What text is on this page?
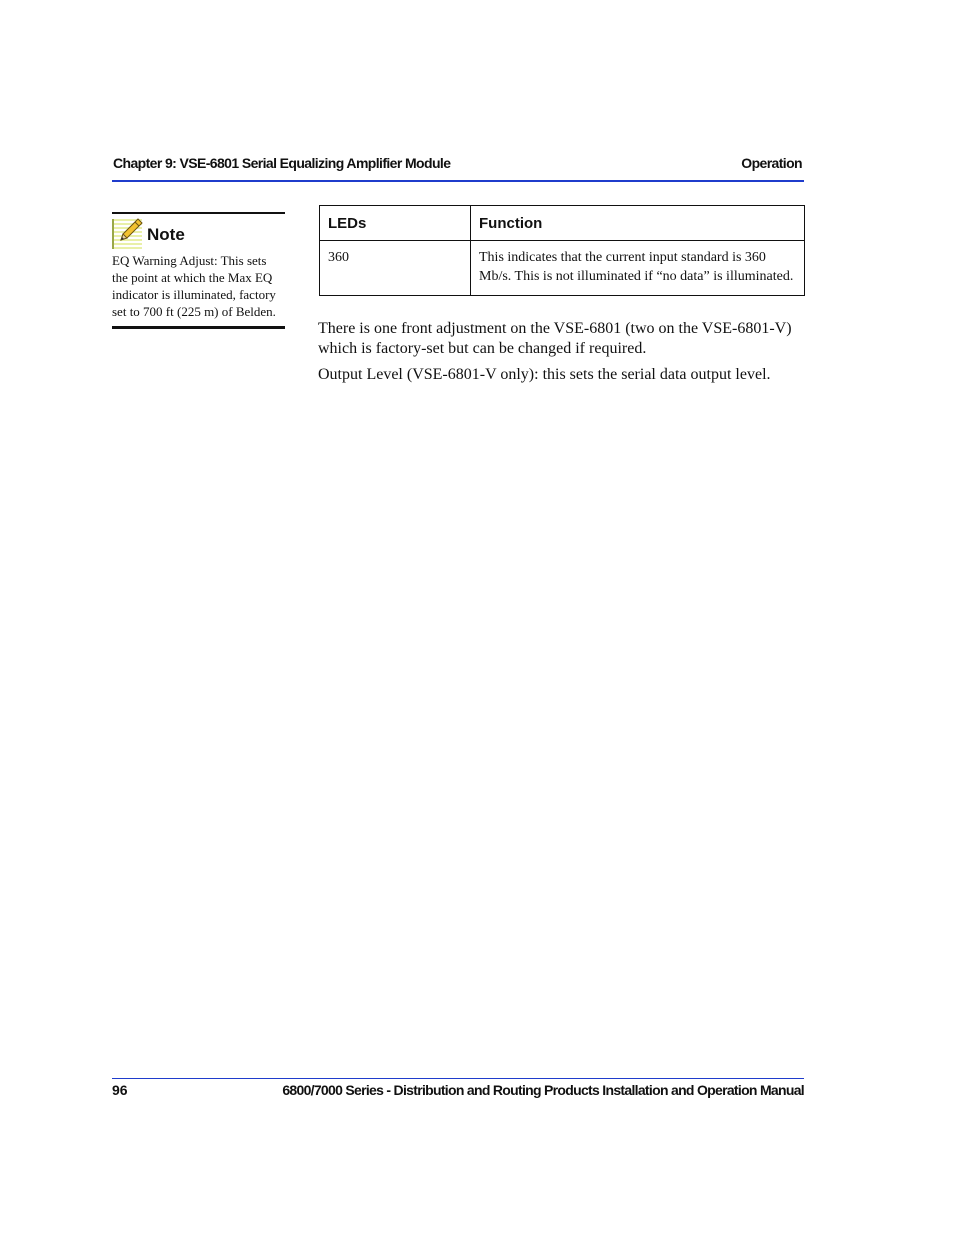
Chapter 9: VSE-6801 Serial Equalizing Amplifier Module	Operation
Note
EQ Warning Adjust: This sets the point at which the Max EQ indicator is illuminated, factory set to 700 ft (225 m) of Belden.
LEDs	Function
360	This indicates that the current input standard is 360 Mb/s. This is not illuminated if “no data” is illuminated.

There is one front adjustment on the VSE-6801 (two on the VSE-6801-V) which is factory-set but can be changed if required.

Output Level (VSE-6801-V only): this sets the serial data output level.

96	6800/7000 Series - Distribution and Routing Products Installation and Operation Manual
